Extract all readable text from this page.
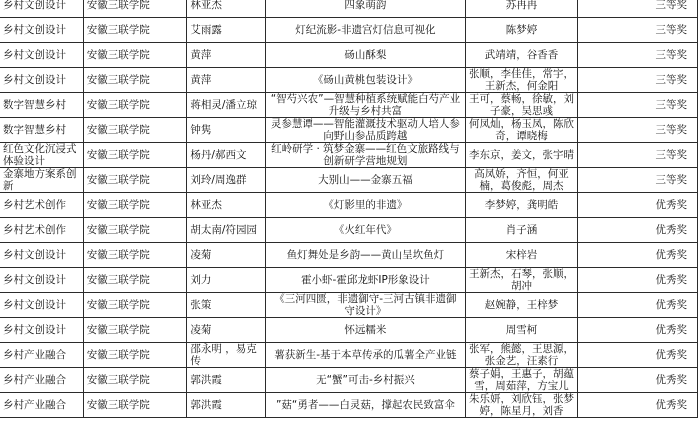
乡村文创设计	安徽三联学院	林亚杰	四象萌韵	苏冉冉	三等奖
乡村文创设计	安徽三联学院	艾雨露	灯纪流影-非遗宫灯信息可视化	陈梦婷	三等奖
乡村文创设计	安徽三联学院	黄萍	砀山酥梨	武靖靖，谷香香	三等奖
乡村文创设计	安徽三联学院	黄萍	《砀山黄桃包装设计》	张顺，李佳佳，常宇，王新杰，何金阳	三等奖
数字智慧乡村	安徽三联学院	蒋相灵/潘立琼	“智芍兴农”—智慧种植系统赋能白芍产业升级与乡村共富	王可，蔡畅，徐敏，刘子豪，吴思彧	三等奖
数字智慧乡村	安徽三联学院	钟隽	灵参慧谭——智能灌溉技术驱动人培人参向野山参品质跨越	何凤灿，杨玉凤，陈欣奇，谭晓梅	三等奖
红色文化沉浸式体验设计	安徽三联学院	杨丹/郝西文	红岭研学 · 筑梦金寨——红色文旅路线与创新研学营地规划	李东京，姜文，张宇晴	三等奖
金寨地方案系创新	安徽三联学院	刘玲/周逸群	大别山——金寨五福	高凤娇，齐恒，何亚楠，葛俊彪，周杰	三等奖
乡村艺术创作	安徽三联学院	林亚杰	《灯影里的非遗》	李梦婷，龚明皓	优秀奖
乡村艺术创作	安徽三联学院	胡太南/符园园	《火红年代》	肖子涵	优秀奖
乡村文创设计	安徽三联学院	凌菊	鱼灯舞处是乡韵——黄山呈坎鱼灯	宋梓岩	优秀奖
乡村文创设计	安徽三联学院	刘力	霍小虾-霍邱龙虾IP形象设计	王新杰，石琴，张顺，胡冲	优秀奖
乡村文创设计	安徽三联学院	张策	《三河四匮，非遗御守-三河古镇非遗御守设计》	赵婉静，王梓梦	优秀奖
乡村文创设计	安徽三联学院	凌菊	怀远糯米	周雪柯	优秀奖
乡村产业融合	安徽三联学院	邵永明 ，易克传	薯获新生-基于本草传承的瓜薯全产业链	张军，熊懿，王思源，张金艺，汪素行	优秀奖
乡村产业融合	安徽三联学院	郭洪霞	无“蟹”可击-乡村振兴	蔡子娟，王惠子，胡蕴雪，周茹萍，方宝儿	优秀奖
乡村产业融合	安徽三联学院	郭洪霞	”菇“勇者——白灵菇，撑起农民致富伞	朱乐妍，刘欣钰，张梦婷，陈星月，刘香	优秀奖
